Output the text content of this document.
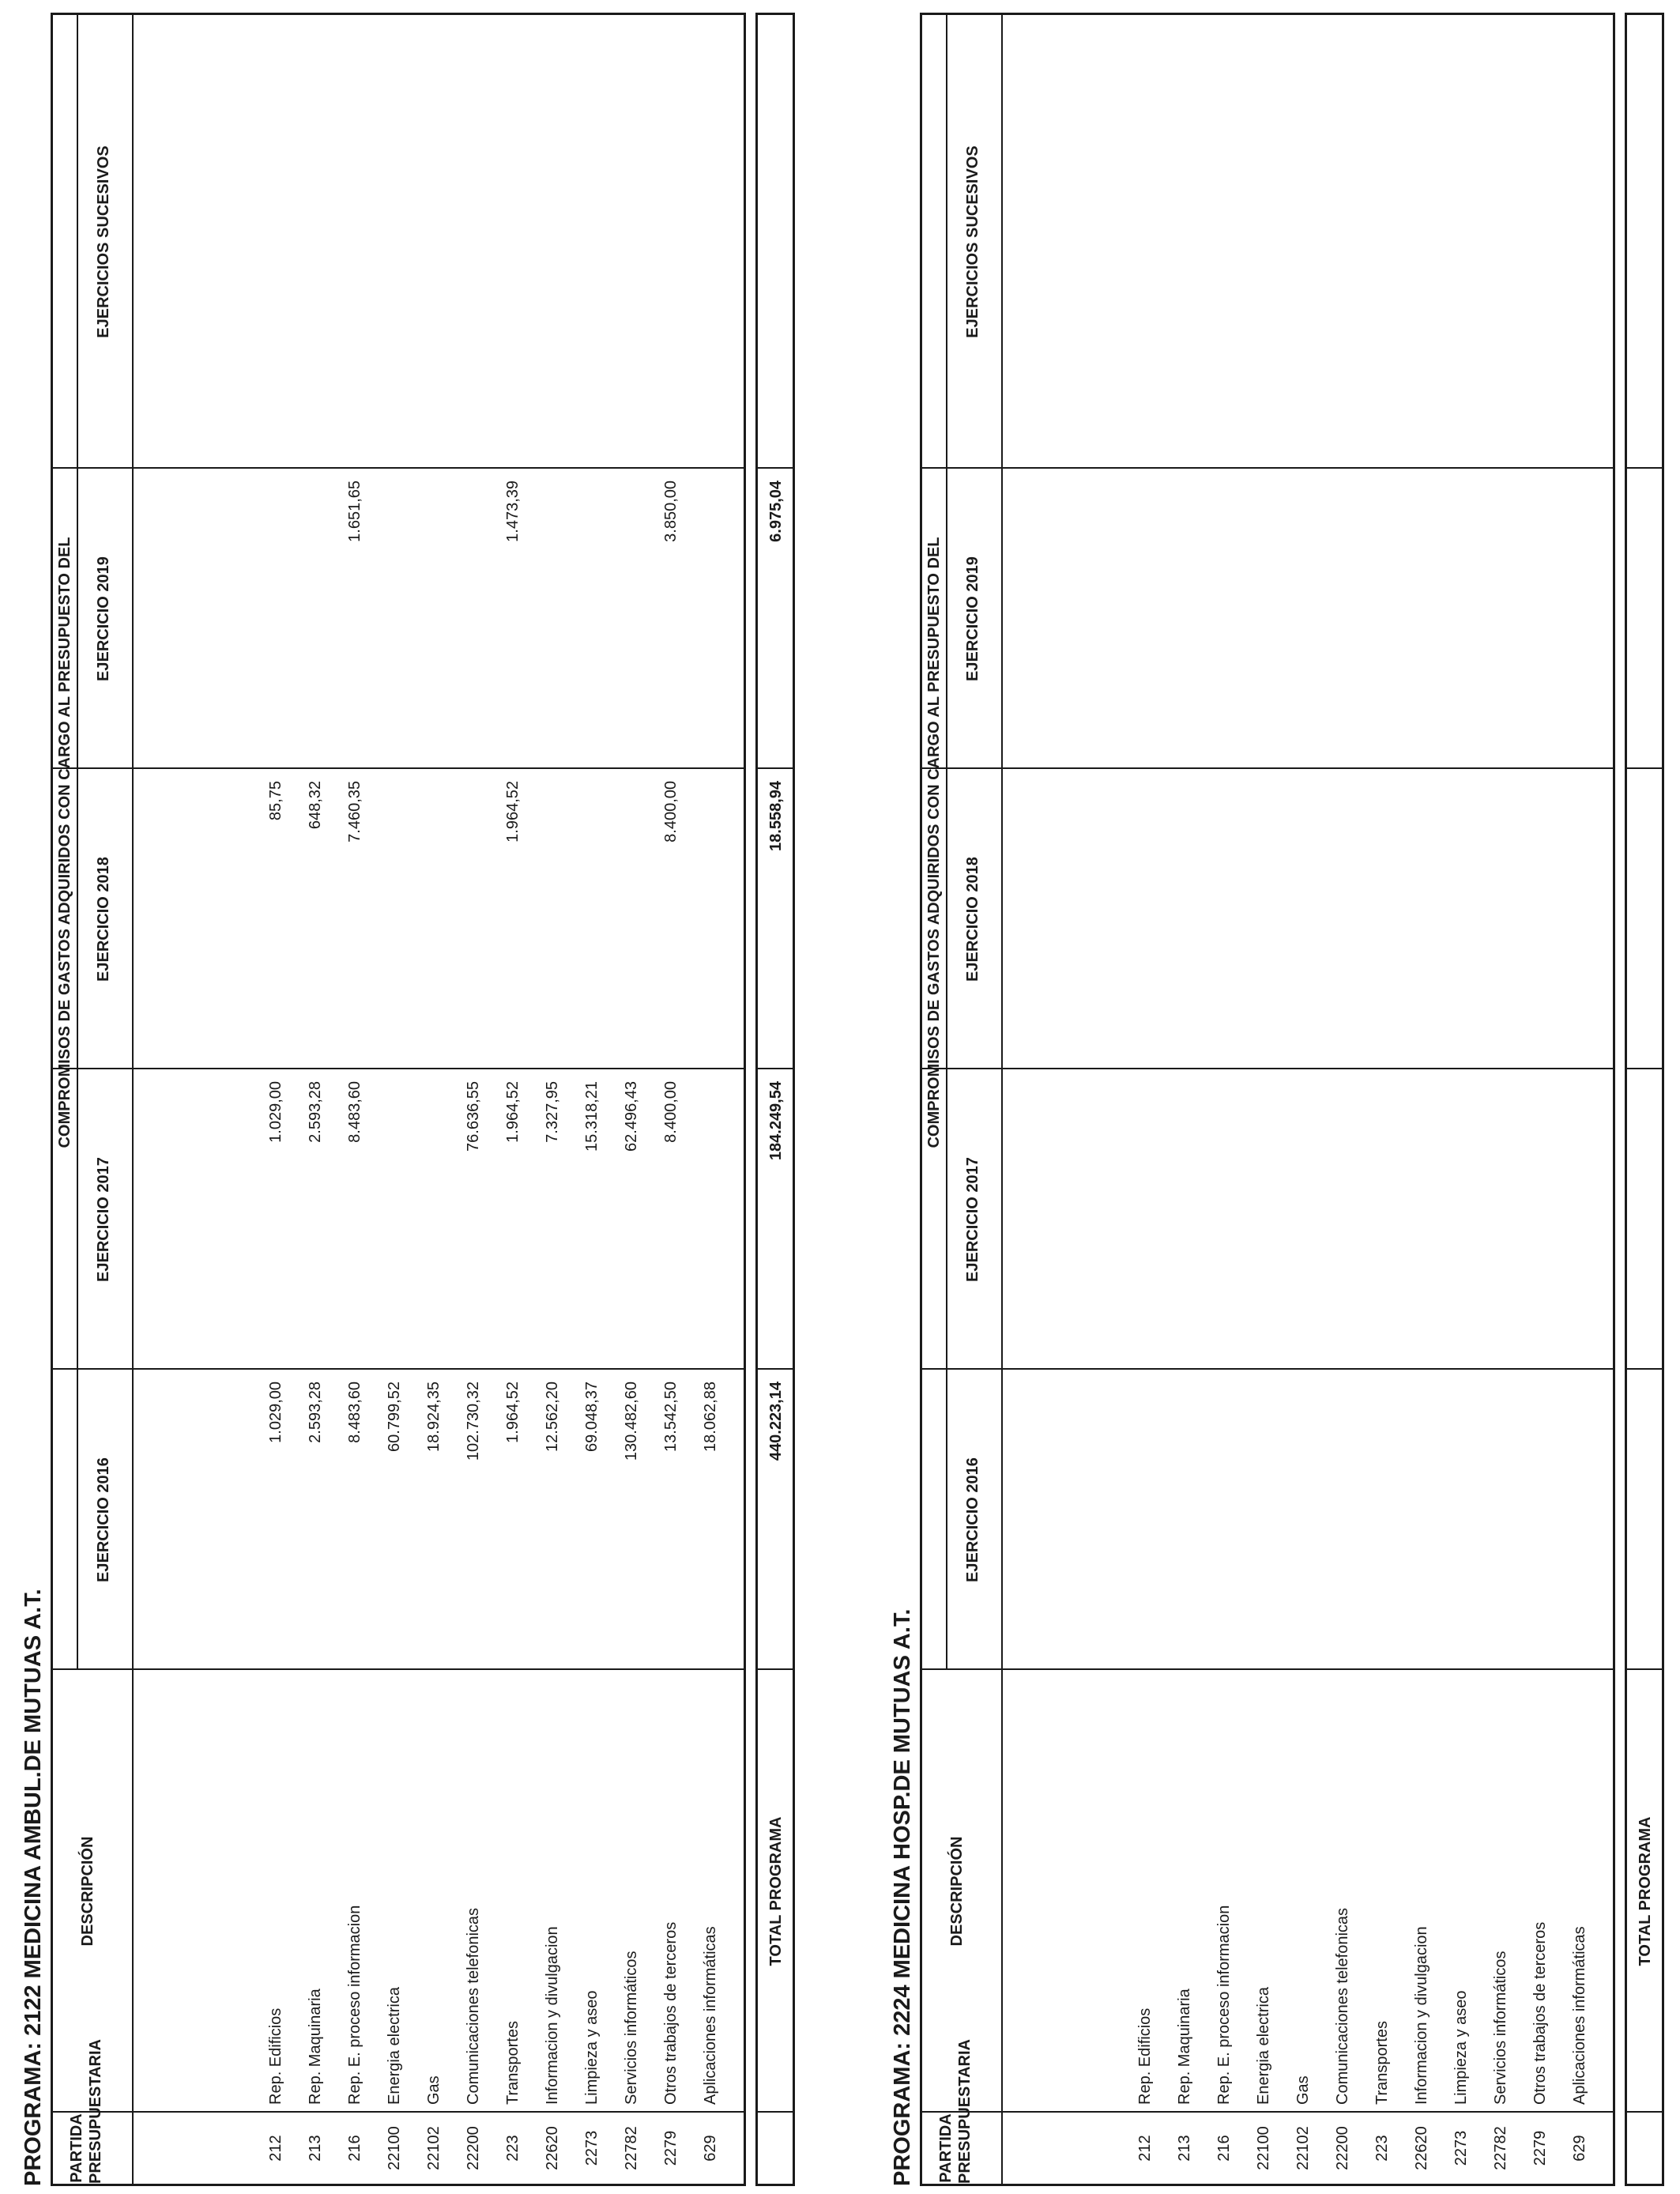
PROGRAMA: 2122 MEDICINA AMBUL.DE MUTUAS A.T.	PARTIDA PRESUPUESTARIA
DESCRIPCIÓN
COMPROMISOS DE GASTOS ADQUIRIDOS CON CARGO AL PRESUPUESTO DEL
EJERCICIO 2016
EJERCICIO 2017
EJERCICIO 2018
EJERCICIO 2019
EJERCICIOS SUCESIVOS
212
Rep. Edificios
1.029,00
1.029,00
85,75
213
Rep. Maquinaria
2.593,28
2.593,28
648,32
216
Rep. E. proceso informacion
8.483,60
8.483,60
7.460,35
1.651,65
22100
Energia electrica
60.799,52
22102
Gas
18.924,35
22200
Comunicaciones telefonicas
102.730,32
76.636,55
223
Transportes
1.964,52
1.964,52
1.964,52
1.473,39
22620
Informacion y divulgacion
12.562,20
7.327,95
2273
Limpieza y aseo
69.048,37
15.318,21
22782
Servicios informáticos
130.482,60
62.496,43
2279
Otros trabajos de terceros
13.542,50
8.400,00
8.400,00
3.850,00
629
Aplicaciones informáticas
18.062,88
TOTAL PROGRAMA
440.223,14
184.249,54
18.558,94
6.975,04
PROGRAMA: 2224 MEDICINA HOSP.DE MUTUAS A.T.	PARTIDA PRESUPUESTARIA
DESCRIPCIÓN
COMPROMISOS DE GASTOS ADQUIRIDOS CON CARGO AL PRESUPUESTO DEL
EJERCICIO 2016
EJERCICIO 2017
EJERCICIO 2018
EJERCICIO 2019
EJERCICIOS SUCESIVOS
212
Rep. Edificios
213
Rep. Maquinaria
216
Rep. E. proceso informacion
22100
Energia electrica
22102
Gas
22200
Comunicaciones telefonicas
223
Transportes
22620
Informacion y divulgacion
2273
Limpieza y aseo
22782
Servicios informáticos
2279
Otros trabajos de terceros
629
Aplicaciones informáticas
TOTAL PROGRAMA
